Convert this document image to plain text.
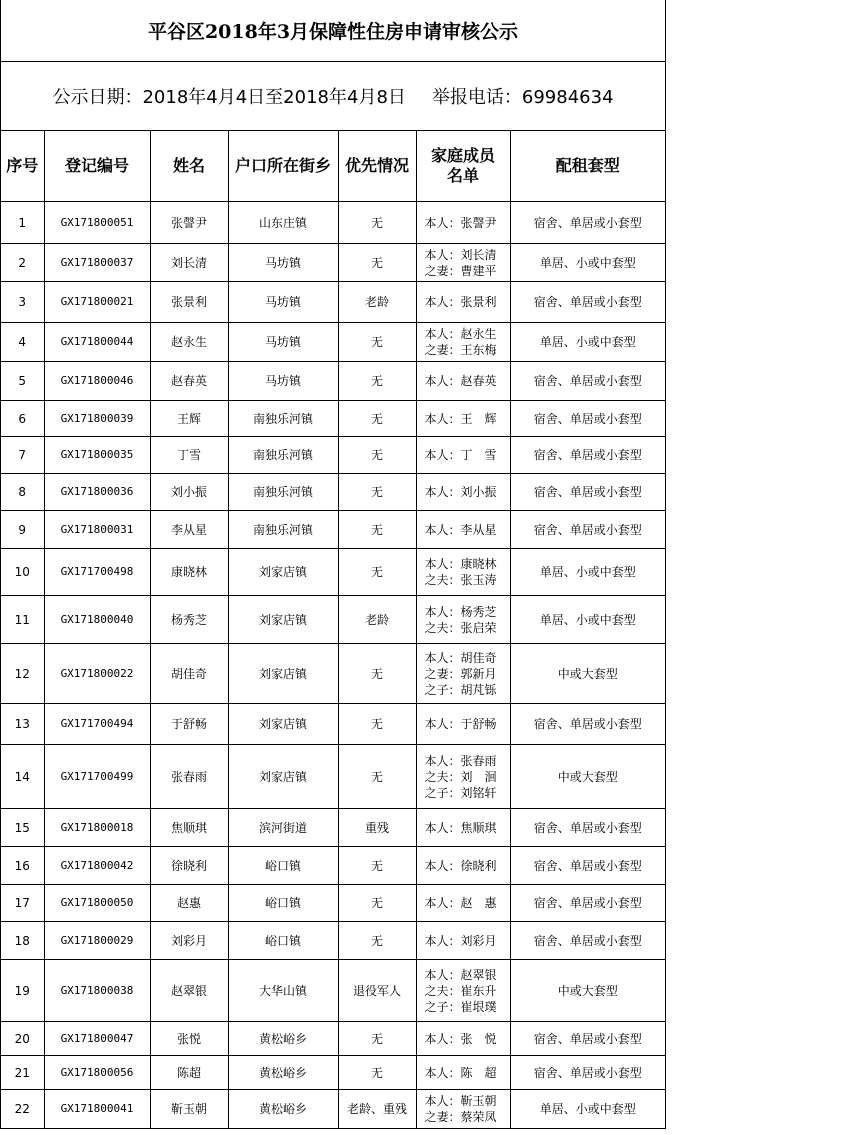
平谷区2018年3月保障性住房申请审核公示
公示日期：2018年4月4日至2018年4月8日 举报电话：69984634
序号	登记编号	姓名	户口所在街乡	优先情况	家庭成员名单	配租套型
1	GX171800051	张謦尹	山东庄镇	无	本人：张謦尹	宿舍、单居或小套型
2	GX171800037	刘长清	马坊镇	无	本人：刘长清
之妻：曹建平	单居、小或中套型
3	GX171800021	张景利	马坊镇	老龄	本人：张景利	宿舍、单居或小套型
4	GX171800044	赵永生	马坊镇	无	本人：赵永生
之妻：王东梅	单居、小或中套型
5	GX171800046	赵春英	马坊镇	无	本人：赵春英	宿舍、单居或小套型
6	GX171800039	王辉	南独乐河镇	无	本人：王　辉	宿舍、单居或小套型
7	GX171800035	丁雪	南独乐河镇	无	本人：丁　雪	宿舍、单居或小套型
8	GX171800036	刘小振	南独乐河镇	无	本人：刘小振	宿舍、单居或小套型
9	GX171800031	李从星	南独乐河镇	无	本人：李从星	宿舍、单居或小套型
10	GX171700498	康晓林	刘家店镇	无	本人：康晓林
之夫：张玉涛	单居、小或中套型
11	GX171800040	杨秀芝	刘家店镇	老龄	本人：杨秀芝
之夫：张启荣	单居、小或中套型
12	GX171800022	胡佳奇	刘家店镇	无	本人：胡佳奇
之妻：郭新月
之子：胡芃铄	中或大套型
13	GX171700494	于舒畅	刘家店镇	无	本人：于舒畅	宿舍、单居或小套型
14	GX171700499	张春雨	刘家店镇	无	本人：张春雨
之夫：刘　洄
之子：刘铭轩	中或大套型
15	GX171800018	焦顺琪	滨河街道	重残	本人：焦顺琪	宿舍、单居或小套型
16	GX171800042	徐晓利	峪口镇	无	本人：徐晓利	宿舍、单居或小套型
17	GX171800050	赵惠	峪口镇	无	本人：赵　惠	宿舍、单居或小套型
18	GX171800029	刘彩月	峪口镇	无	本人：刘彩月	宿舍、单居或小套型
19	GX171800038	赵翠银	大华山镇	退役军人	本人：赵翠银
之夫：崔东升
之子：崔垠璞	中或大套型
20	GX171800047	张悦	黄松峪乡	无	本人：张　悦	宿舍、单居或小套型
21	GX171800056	陈超	黄松峪乡	无	本人：陈　超	宿舍、单居或小套型
22	GX171800041	靳玉朝	黄松峪乡	老龄、重残	本人：靳玉朝
之妻：蔡荣凤	单居、小或中套型
